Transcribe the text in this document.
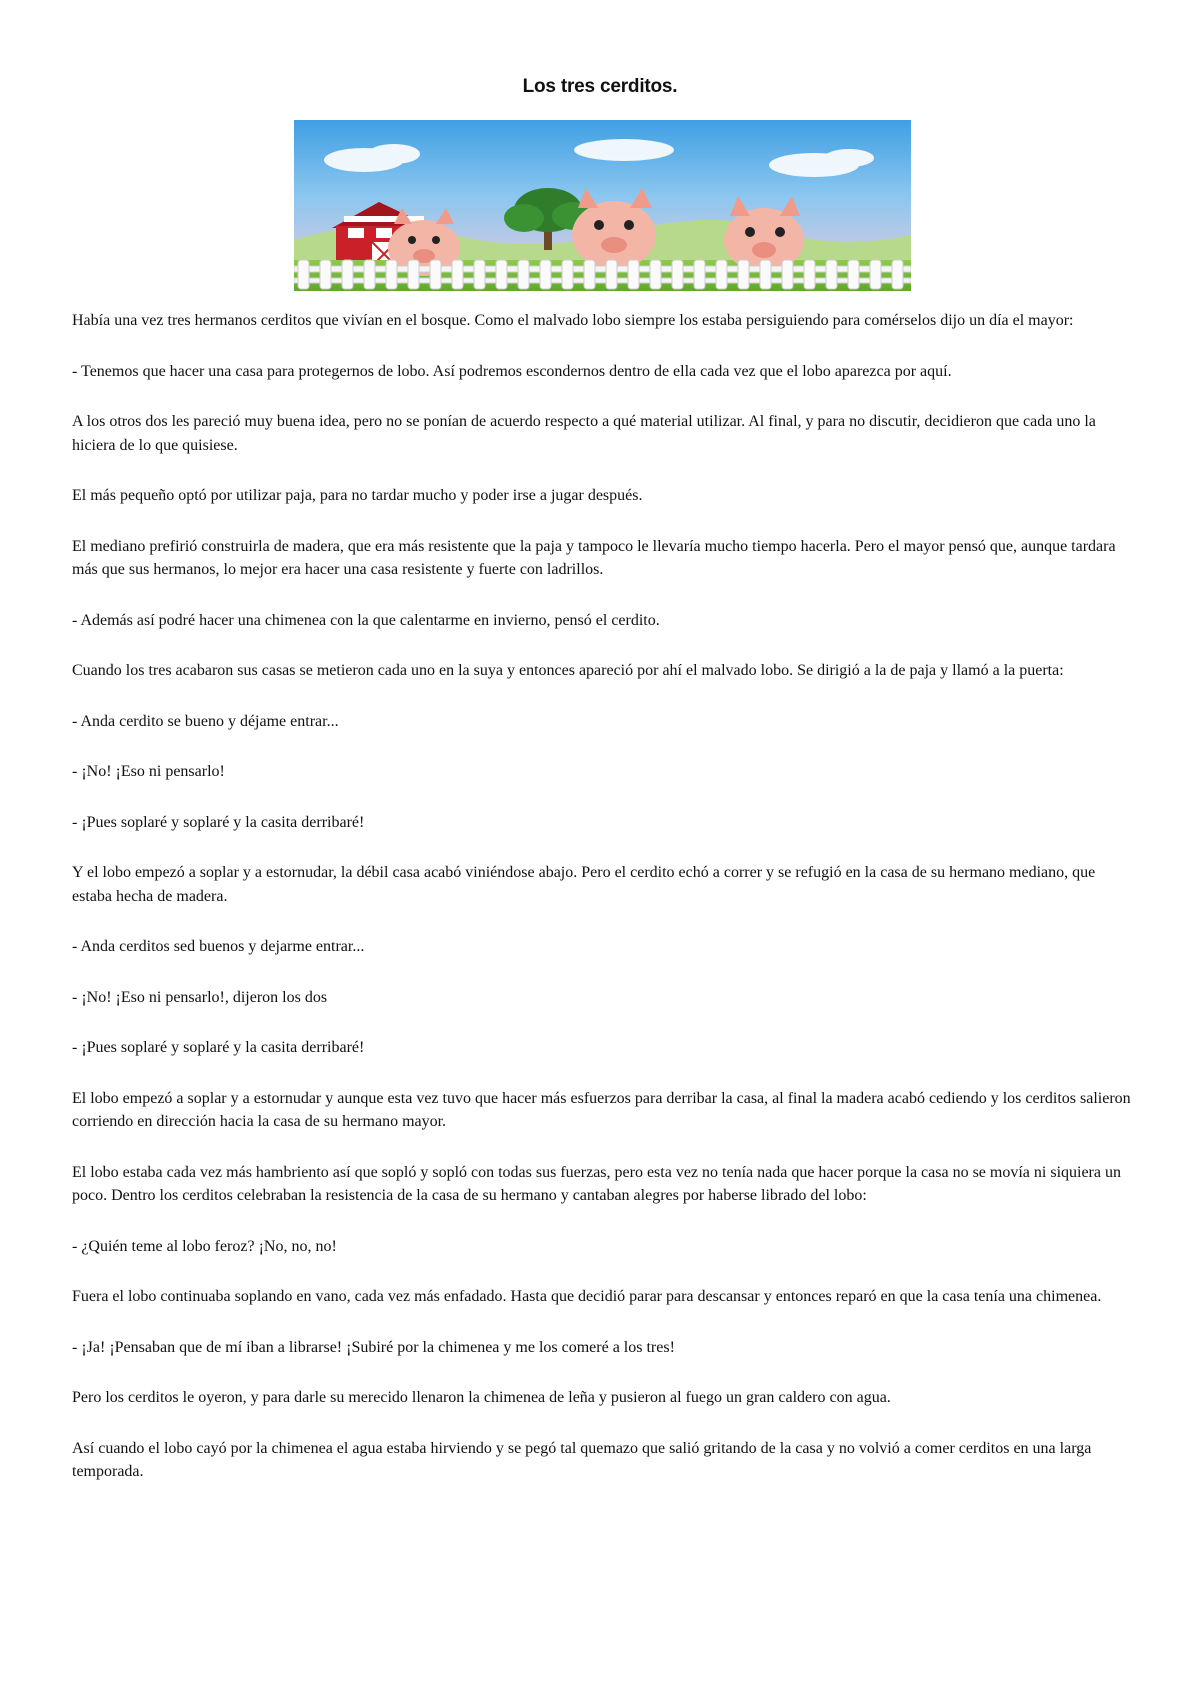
Los tres cerditos.

Había una vez tres hermanos cerditos que vivían en el bosque. Como el malvado lobo siempre los estaba persiguiendo para comérselos dijo un día el mayor:

- Tenemos que hacer una casa para protegernos de lobo. Así podremos escondernos dentro de ella cada vez que el lobo aparezca por aquí.

A los otros dos les pareció muy buena idea, pero no se ponían de acuerdo respecto a qué material utilizar. Al final, y para no discutir, decidieron que cada uno la hiciera de lo que quisiese.

El más pequeño optó por utilizar paja, para no tardar mucho y poder irse a jugar después.

El mediano prefirió construirla de madera, que era más resistente que la paja y tampoco le llevaría mucho tiempo hacerla. Pero el mayor pensó que, aunque tardara más que sus hermanos, lo mejor era hacer una casa resistente y fuerte con ladrillos.

- Además así podré hacer una chimenea con la que calentarme en invierno, pensó el cerdito.

Cuando los tres acabaron sus casas se metieron cada uno en la suya y entonces apareció por ahí el malvado lobo. Se dirigió a la de paja y llamó a la puerta:

- Anda cerdito se bueno y déjame entrar...

- ¡No! ¡Eso ni pensarlo!

- ¡Pues soplaré y soplaré y la casita derribaré!

Y el lobo empezó a soplar y a estornudar, la débil casa acabó viniéndose abajo. Pero el cerdito echó a correr y se refugió en la casa de su hermano mediano, que estaba hecha de madera.

- Anda cerditos sed buenos y dejarme entrar...

- ¡No! ¡Eso ni pensarlo!, dijeron los dos

- ¡Pues soplaré y soplaré y la casita derribaré!

El lobo empezó a soplar y a estornudar y aunque esta vez tuvo que hacer más esfuerzos para derribar la casa, al final la madera acabó cediendo y los cerditos salieron corriendo en dirección hacia la casa de su hermano mayor.

El lobo estaba cada vez más hambriento así que sopló y sopló con todas sus fuerzas, pero esta vez no tenía nada que hacer porque la casa no se movía ni siquiera un poco. Dentro los cerditos celebraban la resistencia de la casa de su hermano y cantaban alegres por haberse librado del lobo:

- ¿Quién teme al lobo feroz? ¡No, no, no!

Fuera el lobo continuaba soplando en vano, cada vez más enfadado. Hasta que decidió parar para descansar y entonces reparó en que la casa tenía una chimenea.

- ¡Ja! ¡Pensaban que de mí iban a librarse! ¡Subiré por la chimenea y me los comeré a los tres!

Pero los cerditos le oyeron, y para darle su merecido llenaron la chimenea de leña y pusieron al fuego un gran caldero con agua.

Así cuando el lobo cayó por la chimenea el agua estaba hirviendo y se pegó tal quemazo que salió gritando de la casa y no volvió a comer cerditos en una larga temporada.
